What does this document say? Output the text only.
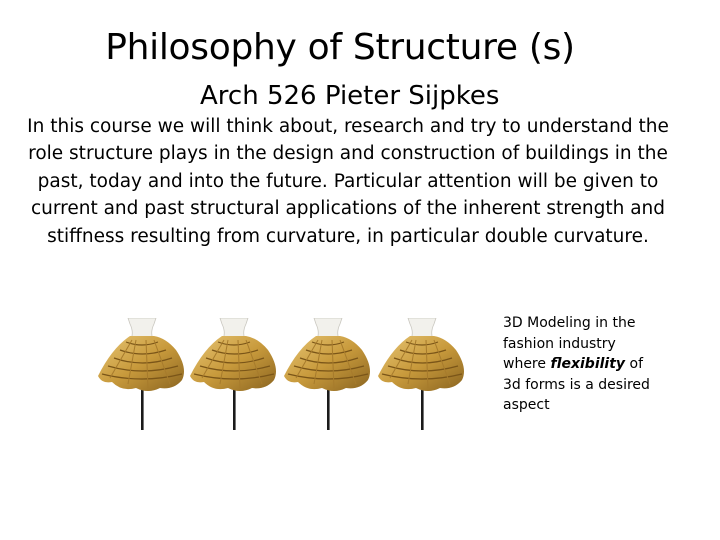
Philosophy of Structure (s)
Arch 526 Pieter Sijpkes
In this course we will think about, research and try to understand the role structure plays in the design and construction of buildings in the past, today and into the future. Particular attention will be given to current and past structural applications of the inherent strength and stiffness resulting from curvature, in particular double curvature.
3D Modeling in the fashion industry where flexibility of 3d forms is a desired aspect
